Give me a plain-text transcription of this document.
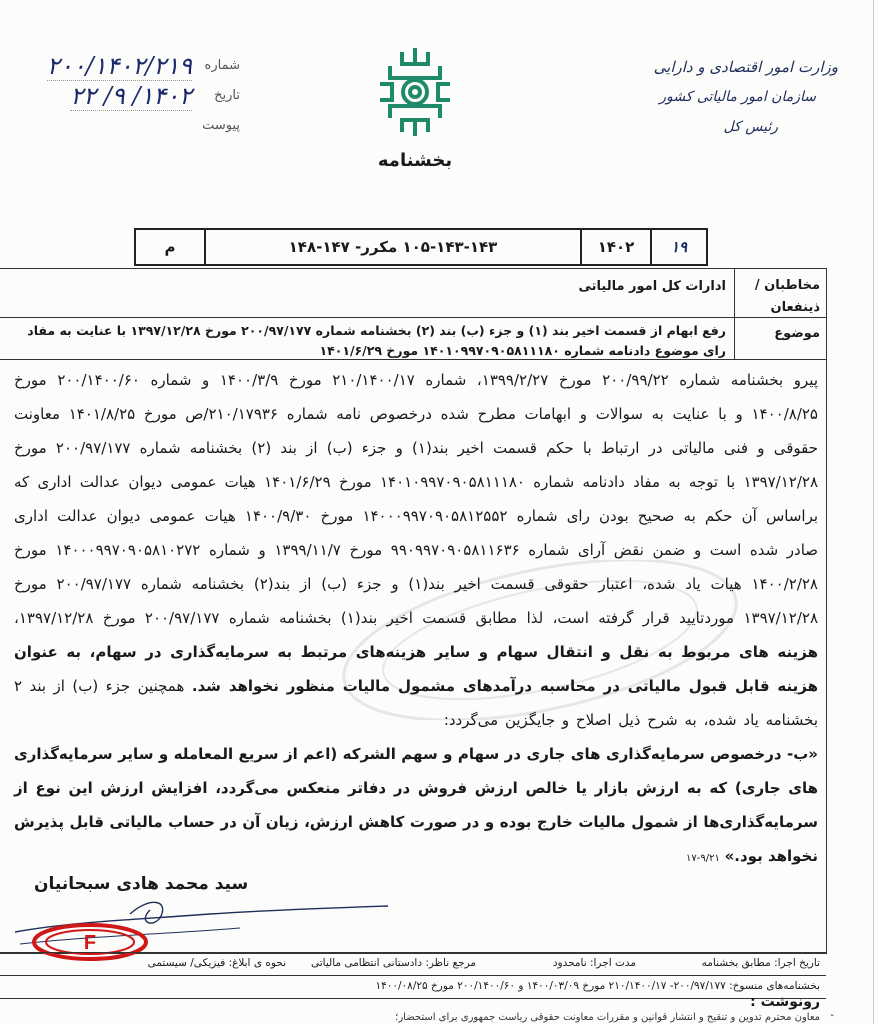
وزارت امور اقتصادی و دارایی
سازمان امور مالیاتی کشور
رئیس کل
بخشنامه
شماره
۲۰۰/۱۴۰۲/۲۱۹
تاریخ
۱۴۰۲/ ۹/ ۲۲
پیوست
م	۱۰۵-۱۴۳-۱۴۳ مکرر- ۱۴۷-۱۴۸	۱۴۰۲	۱۹
مخاطبان / ذینفعان
ادارات کل امور مالیاتی
موضوع
رفع ابهام از قسمت اخیر بند (۱) و جزء (ب) بند (۲) بخشنامه شماره ۲۰۰/۹۷/۱۷۷ مورخ ۱۳۹۷/۱۲/۲۸ با عنایت به مفاد رای موضوع دادنامه شماره ۱۴۰۱۰۹۹۷۰۹۰۵۸۱۱۱۸۰ مورخ ۱۴۰۱/۶/۲۹

پیرو بخشنامه شماره ۲۰۰/۹۹/۲۲ مورخ ۱۳۹۹/۲/۲۷، شماره ۲۱۰/۱۴۰۰/۱۷ مورخ ۱۴۰۰/۳/۹ و شماره ۲۰۰/۱۴۰۰/۶۰ مورخ ۱۴۰۰/۸/۲۵ و با عنایت به سوالات و ابهامات مطرح شده درخصوص نامه شماره ۲۱۰/۱۷۹۳۶/ص مورخ ۱۴۰۱/۸/۲۵ معاونت حقوقی و فنی مالیاتی در ارتباط با حکم قسمت اخیر بند(۱) و جزء (ب) از بند (۲) بخشنامه شماره ۲۰۰/۹۷/۱۷۷ مورخ ۱۳۹۷/۱۲/۲۸ با توجه به مفاد دادنامه شماره ۱۴۰۱۰۹۹۷۰۹۰۵۸۱۱۱۸۰ مورخ ۱۴۰۱/۶/۲۹ هیات عمومی دیوان عدالت اداری که براساس آن حکم به صحیح بودن رای شماره ۱۴۰۰۰۹۹۷۰۹۰۵۸۱۲۵۵۲ مورخ ۱۴۰۰/۹/۳۰ هیات عمومی دیوان عدالت اداری صادر شده است و ضمن نقض آرای شماره ۹۹۰۹۹۷۰۹۰۵۸۱۱۶۳۶ مورخ ۱۳۹۹/۱۱/۷ و شماره ۱۴۰۰۰۹۹۷۰۹۰۵۸۱۰۲۷۲ مورخ ۱۴۰۰/۲/۲۸ هیات یاد شده، اعتبار حقوقی قسمت اخیر بند(۱) و جزء (ب) از بند(۲) بخشنامه شماره ۲۰۰/۹۷/۱۷۷ مورخ ۱۳۹۷/۱۲/۲۸ موردتایید قرار گرفته است، لذا مطابق قسمت اخیر بند(۱) بخشنامه شماره ۲۰۰/۹۷/۱۷۷ مورخ ۱۳۹۷/۱۲/۲۸، هزینه های مربوط به نقل و انتقال سهام و سایر هزینه‌های مرتبط به سرمایه‌گذاری در سهام، به عنوان هزینه قابل قبول مالیاتی در محاسبه درآمدهای مشمول مالیات منظور نخواهد شد. همچنین جزء (ب) از بند ۲ بخشنامه یاد شده، به شرح ذیل اصلاح و جایگزین می‌گردد:

«ب- درخصوص سرمایه‌گذاری های جاری در سهام و سهم الشرکه (اعم از سریع المعامله و سایر سرمایه‌گذاری های جاری) که به ارزش بازار یا خالص ارزش فروش در دفاتر منعکس می‌گردد، افزایش ارزش این نوع از سرمایه‌گذاری‌ها از شمول مالیات خارج بوده و در صورت کاهش ارزش، زیان آن در حساب مالیاتی قابل پذیرش نخواهد بود.» ۹/۲۱-۱۷

سید محمد هادی سبحانیان
F
تاریخ اجرا: مطابق بخشنامه
مدت اجرا: نامحدود
مرجع ناظر: دادستانی انتظامی مالیاتی
نحوه ی ابلاغ: فیزیکی/ سیستمی
بخشنامه‌های منسوخ: ۲۰۰/۹۷/۱۷۷- ۲۱۰/۱۴۰۰/۱۷ مورخ ۱۴۰۰/۰۳/۰۹ و ۲۰۰/۱۴۰۰/۶۰ مورخ ۱۴۰۰/۰۸/۲۵
رونوشت :
-
معاون محترم تدوین و تنقیح و انتشار قوانین و مقررات معاونت حقوقی ریاست جمهوری برای استحضار؛
